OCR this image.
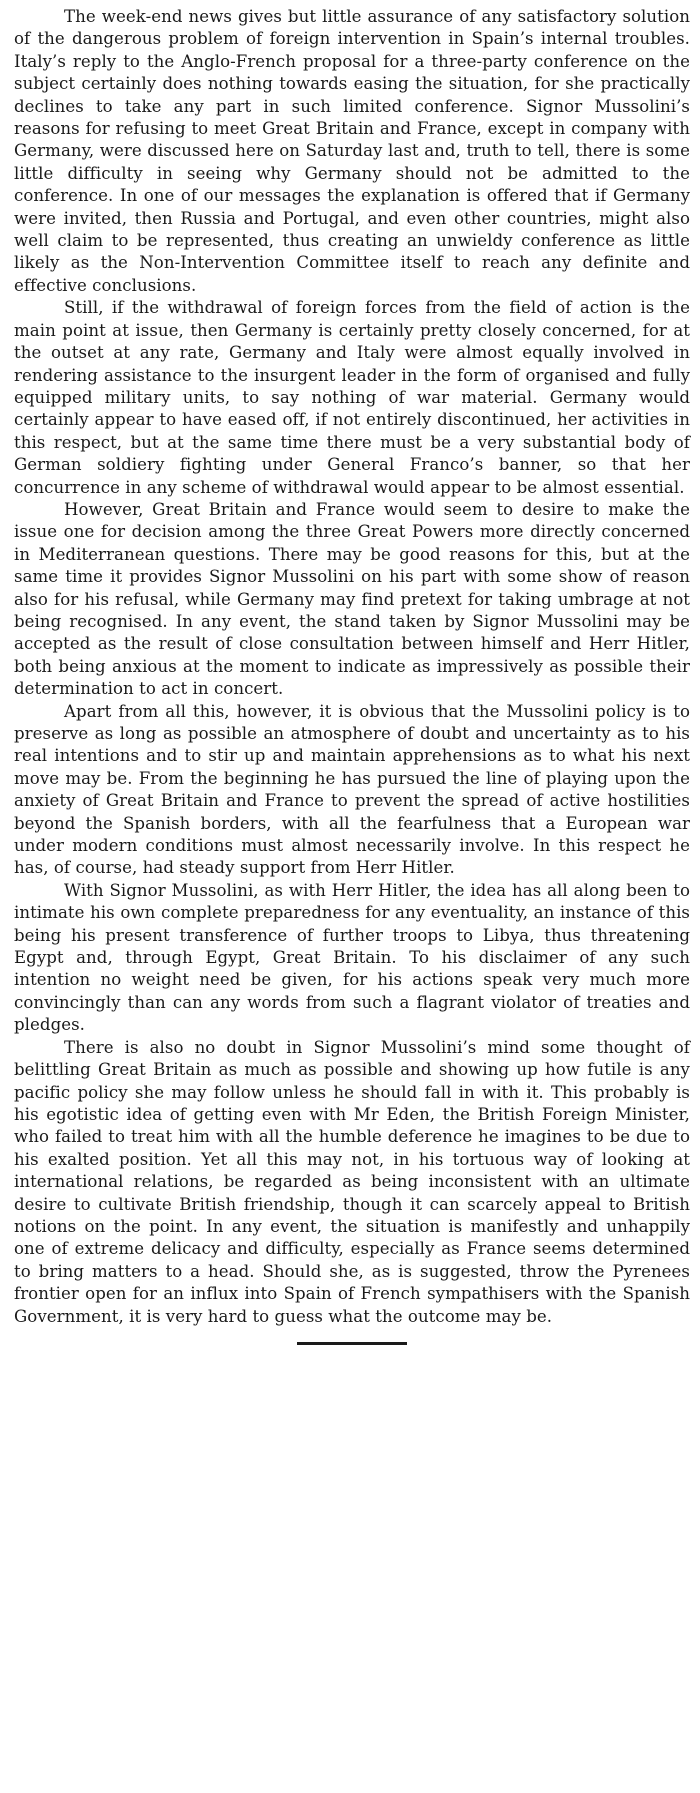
The week-end news gives but little assurance of any satisfactory solution of the dangerous problem of foreign intervention in Spain’s internal troubles. Italy’s reply to the Anglo-French proposal for a three-party conference on the subject certainly does nothing towards easing the situation, for she practically declines to take any part in such limited conference. Signor Mussolini’s reasons for refusing to meet Great Britain and France, except in company with Germany, were discussed here on Saturday last and, truth to tell, there is some little difficulty in seeing why Germany should not be admitted to the conference. In one of our messages the explanation is offered that if Germany were invited, then Russia and Portugal, and even other countries, might also well claim to be represented, thus creating an unwieldy conference as little likely as the Non-Intervention Committee itself to reach any definite and effective conclusions.

Still, if the withdrawal of foreign forces from the field of action is the main point at issue, then Germany is certainly pretty closely concerned, for at the outset at any rate, Germany and Italy were almost equally involved in rendering assistance to the insurgent leader in the form of organised and fully equipped military units, to say nothing of war material. Germany would certainly appear to have eased off, if not entirely discontinued, her activities in this respect, but at the same time there must be a very substantial body of German soldiery fighting under General Franco’s banner, so that her concurrence in any scheme of withdrawal would appear to be almost essential.

However, Great Britain and France would seem to desire to make the issue one for decision among the three Great Powers more directly concerned in Mediterranean questions. There may be good reasons for this, but at the same time it provides Signor Mussolini on his part with some show of reason also for his refusal, while Germany may find pretext for taking umbrage at not being recognised. In any event, the stand taken by Signor Mussolini may be accepted as the result of close consultation between himself and Herr Hitler, both being anxious at the moment to indicate as impressively as possible their determination to act in concert.

Apart from all this, however, it is obvious that the Mussolini policy is to preserve as long as possible an atmosphere of doubt and uncertainty as to his real intentions and to stir up and maintain apprehensions as to what his next move may be. From the beginning he has pursued the line of playing upon the anxiety of Great Britain and France to prevent the spread of active hostilities beyond the Spanish borders, with all the fearfulness that a European war under modern conditions must almost necessarily involve. In this respect he has, of course, had steady support from Herr Hitler.

With Signor Mussolini, as with Herr Hitler, the idea has all along been to intimate his own complete preparedness for any eventuality, an instance of this being his present transference of further troops to Libya, thus threatening Egypt and, through Egypt, Great Britain. To his disclaimer of any such intention no weight need be given, for his actions speak very much more convincingly than can any words from such a flagrant violator of treaties and pledges.

There is also no doubt in Signor Mussolini’s mind some thought of belittling Great Britain as much as possible and showing up how futile is any pacific policy she may follow unless he should fall in with it. This probably is his egotistic idea of getting even with Mr Eden, the British Foreign Minister, who failed to treat him with all the humble deference he imagines to be due to his exalted position. Yet all this may not, in his tortuous way of looking at international relations, be regarded as being inconsistent with an ultimate desire to cultivate British friendship, though it can scarcely appeal to British notions on the point. In any event, the situation is manifestly and unhappily one of extreme delicacy and difficulty, especially as France seems determined to bring matters to a head. Should she, as is suggested, throw the Pyrenees frontier open for an influx into Spain of French sympathisers with the Spanish Government, it is very hard to guess what the outcome may be.
